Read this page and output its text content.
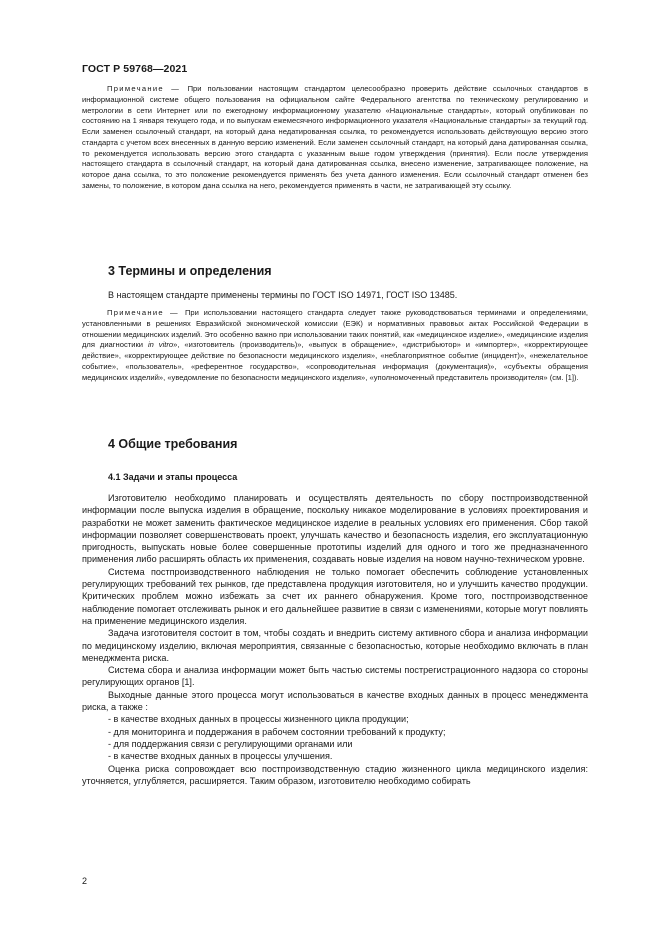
ГОСТ Р 59768—2021

Примечание — При пользовании настоящим стандартом целесообразно проверить действие ссылочных стандартов в информационной системе общего пользования на официальном сайте Федерального агентства по техническому регулированию и метрологии в сети Интернет или по ежегодному информационному указателю «Национальные стандарты», который опубликован по состоянию на 1 января текущего года, и по выпускам ежемесячного информационного указателя «Национальные стандарты» за текущий год. Если заменен ссылочный стандарт, на который дана недатированная ссылка, то рекомендуется использовать действующую версию этого стандарта с учетом всех внесенных в данную версию изменений. Если заменен ссылочный стандарт, на который дана датированная ссылка, то рекомендуется использовать версию этого стандарта с указанным выше годом утверждения (принятия). Если после утверждения настоящего стандарта в ссылочный стандарт, на который дана датированная ссылка, внесено изменение, затрагивающее положение, на которое дана ссылка, то это положение рекомендуется применять без учета данного изменения. Если ссылочный стандарт отменен без замены, то положение, в котором дана ссылка на него, рекомендуется применять в части, не затрагивающей эту ссылку.

3 Термины и определения
В настоящем стандарте применены термины по ГОСТ ISO 14971, ГОСТ ISO 13485.

Примечание — При использовании настоящего стандарта следует также руководствоваться терминами и определениями, установленными в решениях Евразийской экономической комиссии (ЕЭК) и нормативных правовых актах Российской Федерации в отношении медицинских изделий. Это особенно важно при использовании таких понятий, как «медицинское изделие», «медицинские изделия для диагностики in vitro», «изготовитель (производитель)», «выпуск в обращение», «дистрибьютор» и «импортер», «корректирующее действие», «корректирующее действие по безопасности медицинского изделия», «неблагоприятное событие (инцидент)», «нежелательное событие», «пользователь», «референтное государство», «сопроводительная информация (документация)», «субъекты обращения медицинских изделий», «уведомление по безопасности медицинского изделия», «уполномоченный представитель производителя» (см. [1]).

4 Общие требования
4.1 Задачи и этапы процесса

Изготовителю необходимо планировать и осуществлять деятельность по сбору постпроизводственной информации после выпуска изделия в обращение, поскольку никакое моделирование в условиях проектирования и разработки не может заменить фактическое медицинское изделие в реальных условиях его применения. Сбор такой информации позволяет совершенствовать проект, улучшать качество и безопасность изделия, его эксплуатационную пригодность, выпускать новые более совершенные прототипы изделий для одного и того же предназначенного применения либо расширять область их применения, создавать новые изделия на новом научно-техническом уровне.

Система постпроизводственного наблюдения не только помогает обеспечить соблюдение установленных регулирующих требований тех рынков, где представлена продукция изготовителя, но и улучшить качество продукции. Критических проблем можно избежать за счет их раннего обнаружения. Кроме того, постпроизводственное наблюдение помогает отслеживать рынок и его дальнейшее развитие в связи с изменениями, которые могут повлиять на применение медицинского изделия.

Задача изготовителя состоит в том, чтобы создать и внедрить систему активного сбора и анализа информации по медицинскому изделию, включая мероприятия, связанные с безопасностью, которые необходимо включать в план менеджмента риска.

Система сбора и анализа информации может быть частью системы пострегистрационного надзора со стороны регулирующих органов [1].

Выходные данные этого процесса могут использоваться в качестве входных данных в процесс менеджмента риска, а также :

- в качестве входных данных в процессы жизненного цикла продукции;

- для мониторинга и поддержания в рабочем состоянии требований к продукту;

- для поддержания связи с регулирующими органами или

- в качестве входных данных в процессы улучшения.

Оценка риска сопровождает всю постпроизводственную стадию жизненного цикла медицинского изделия: уточняется, углубляется, расширяется. Таким образом, изготовителю необходимо собирать

2
